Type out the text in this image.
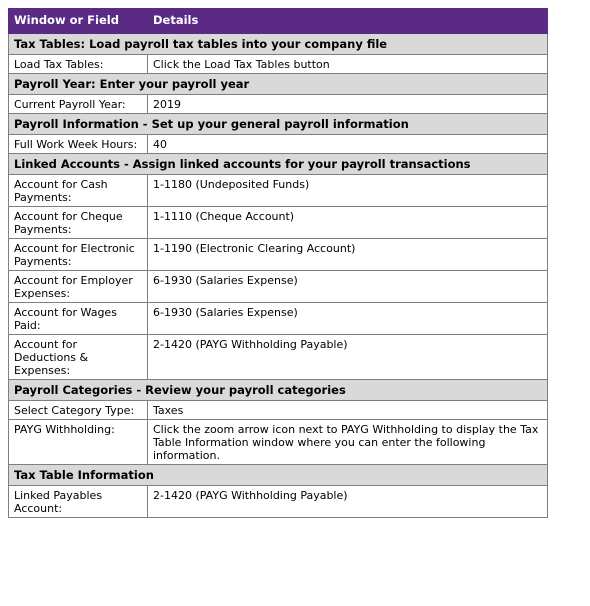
Window or Field	Details
Tax Tables: Load payroll tax tables into your company file	
Load Tax Tables:	Click the Load Tax Tables button
Payroll Year: Enter your payroll year	
Current Payroll Year:	2019
Payroll Information - Set up your general payroll information	
Full Work Week Hours:	40
Linked Accounts - Assign linked accounts for your payroll transactions	
Account for Cash Payments:	1-1180 (Undeposited Funds)
Account for Cheque Payments:	1-1110 (Cheque Account)
Account for Electronic Payments:	1-1190 (Electronic Clearing Account)
Account for Employer Expenses:	6-1930 (Salaries Expense)
Account for Wages Paid:	6-1930 (Salaries Expense)
Account for Deductions & Expenses:	2-1420 (PAYG Withholding Payable)
Payroll Categories - Review your payroll categories	
Select Category Type:	Taxes
PAYG Withholding:	Click the zoom arrow icon next to PAYG Withholding to display the Tax Table Information window where you can enter the following information.
Tax Table Information	
Linked Payables Account:	2-1420 (PAYG Withholding Payable)
